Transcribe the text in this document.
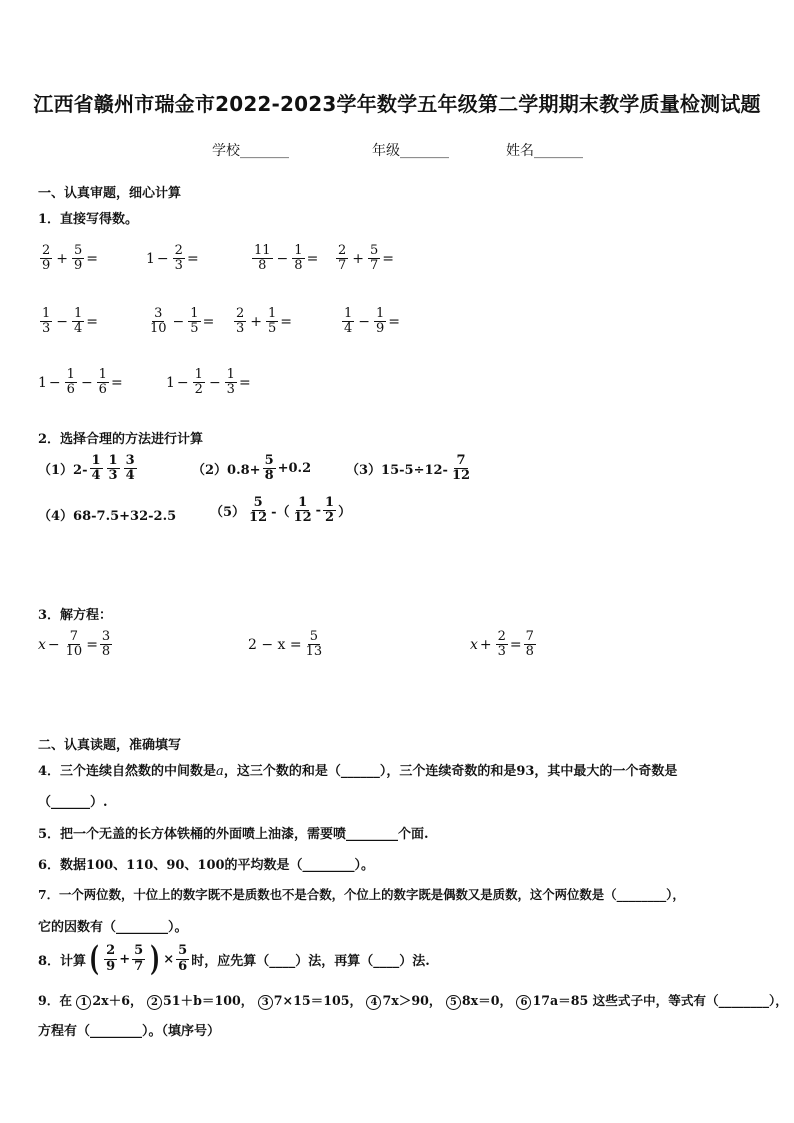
江西省赣州市瑞金市2022-2023学年数学五年级第二学期期末教学质量检测试题
学校_______	年级_______	姓名_______
一、认真审题，细心计算
1．直接写得数。
$\frac{2}{9} + \frac{5}{9}$ =	$1 - \frac{2}{3}$ =	$\frac{11}{8} - \frac{1}{8} = \frac{2}{7} + \frac{5}{7}$ =
$\frac{1}{3} - \frac{1}{4}$ =	$\frac{3}{10} - \frac{1}{5} = \frac{2}{3} + \frac{1}{5}$ =	$\frac{1}{4} - \frac{1}{9}$ =
$1 - \frac{1}{6} - \frac{1}{6}$ =	$1 - \frac{1}{2} - \frac{1}{3}$ =
2．选择合理的方法进行计算
$(1)2- \frac{1}{4} \frac{1}{3} \frac{3}{4}$	$(2)0.8+ \frac{5}{8} +0.2$	$(3)15-5\div 12- \frac{7}{12}$
（4）68-7.5+32-2.5	$(5) \frac{5}{12}$ -（ $\frac{1}{12} - \frac{1}{2}$ ）
3．解方程：
$x - \frac{7}{10} = \frac{3}{8}$	$2 - x = \frac{5}{13}$	$x + \frac{2}{3} = \frac{7}{8}$
二、认真读题，准确填写
4．三个连续自然数的中间数是a，这三个数的和是（______），三个连续奇数的和是93，其中最大的一个奇数是
（______）.
5．把一个无盖的长方体铁桶的外面喷上油漆，需要喷________个面.
6．数据100、110、90、100的平均数是（________）。
7．一个两位数，十位上的数字既不是质数也不是合数，个位上的数字既是偶数又是质数，这个两位数是（________），
它的因数有（________）。
8．计算 ( $\frac{2}{9} + \frac{5}{7}$ ) × $\frac{5}{6}$ 时，应先算（____）法，再算（____）法.
9．在 1 2x＋6， 2 51＋b＝100， 3 7×15＝105， 4 7x＞90， 5 8x＝0， 6 17a＝85 这些式子中，等式有（________），
方程有（________）。（填序号）
